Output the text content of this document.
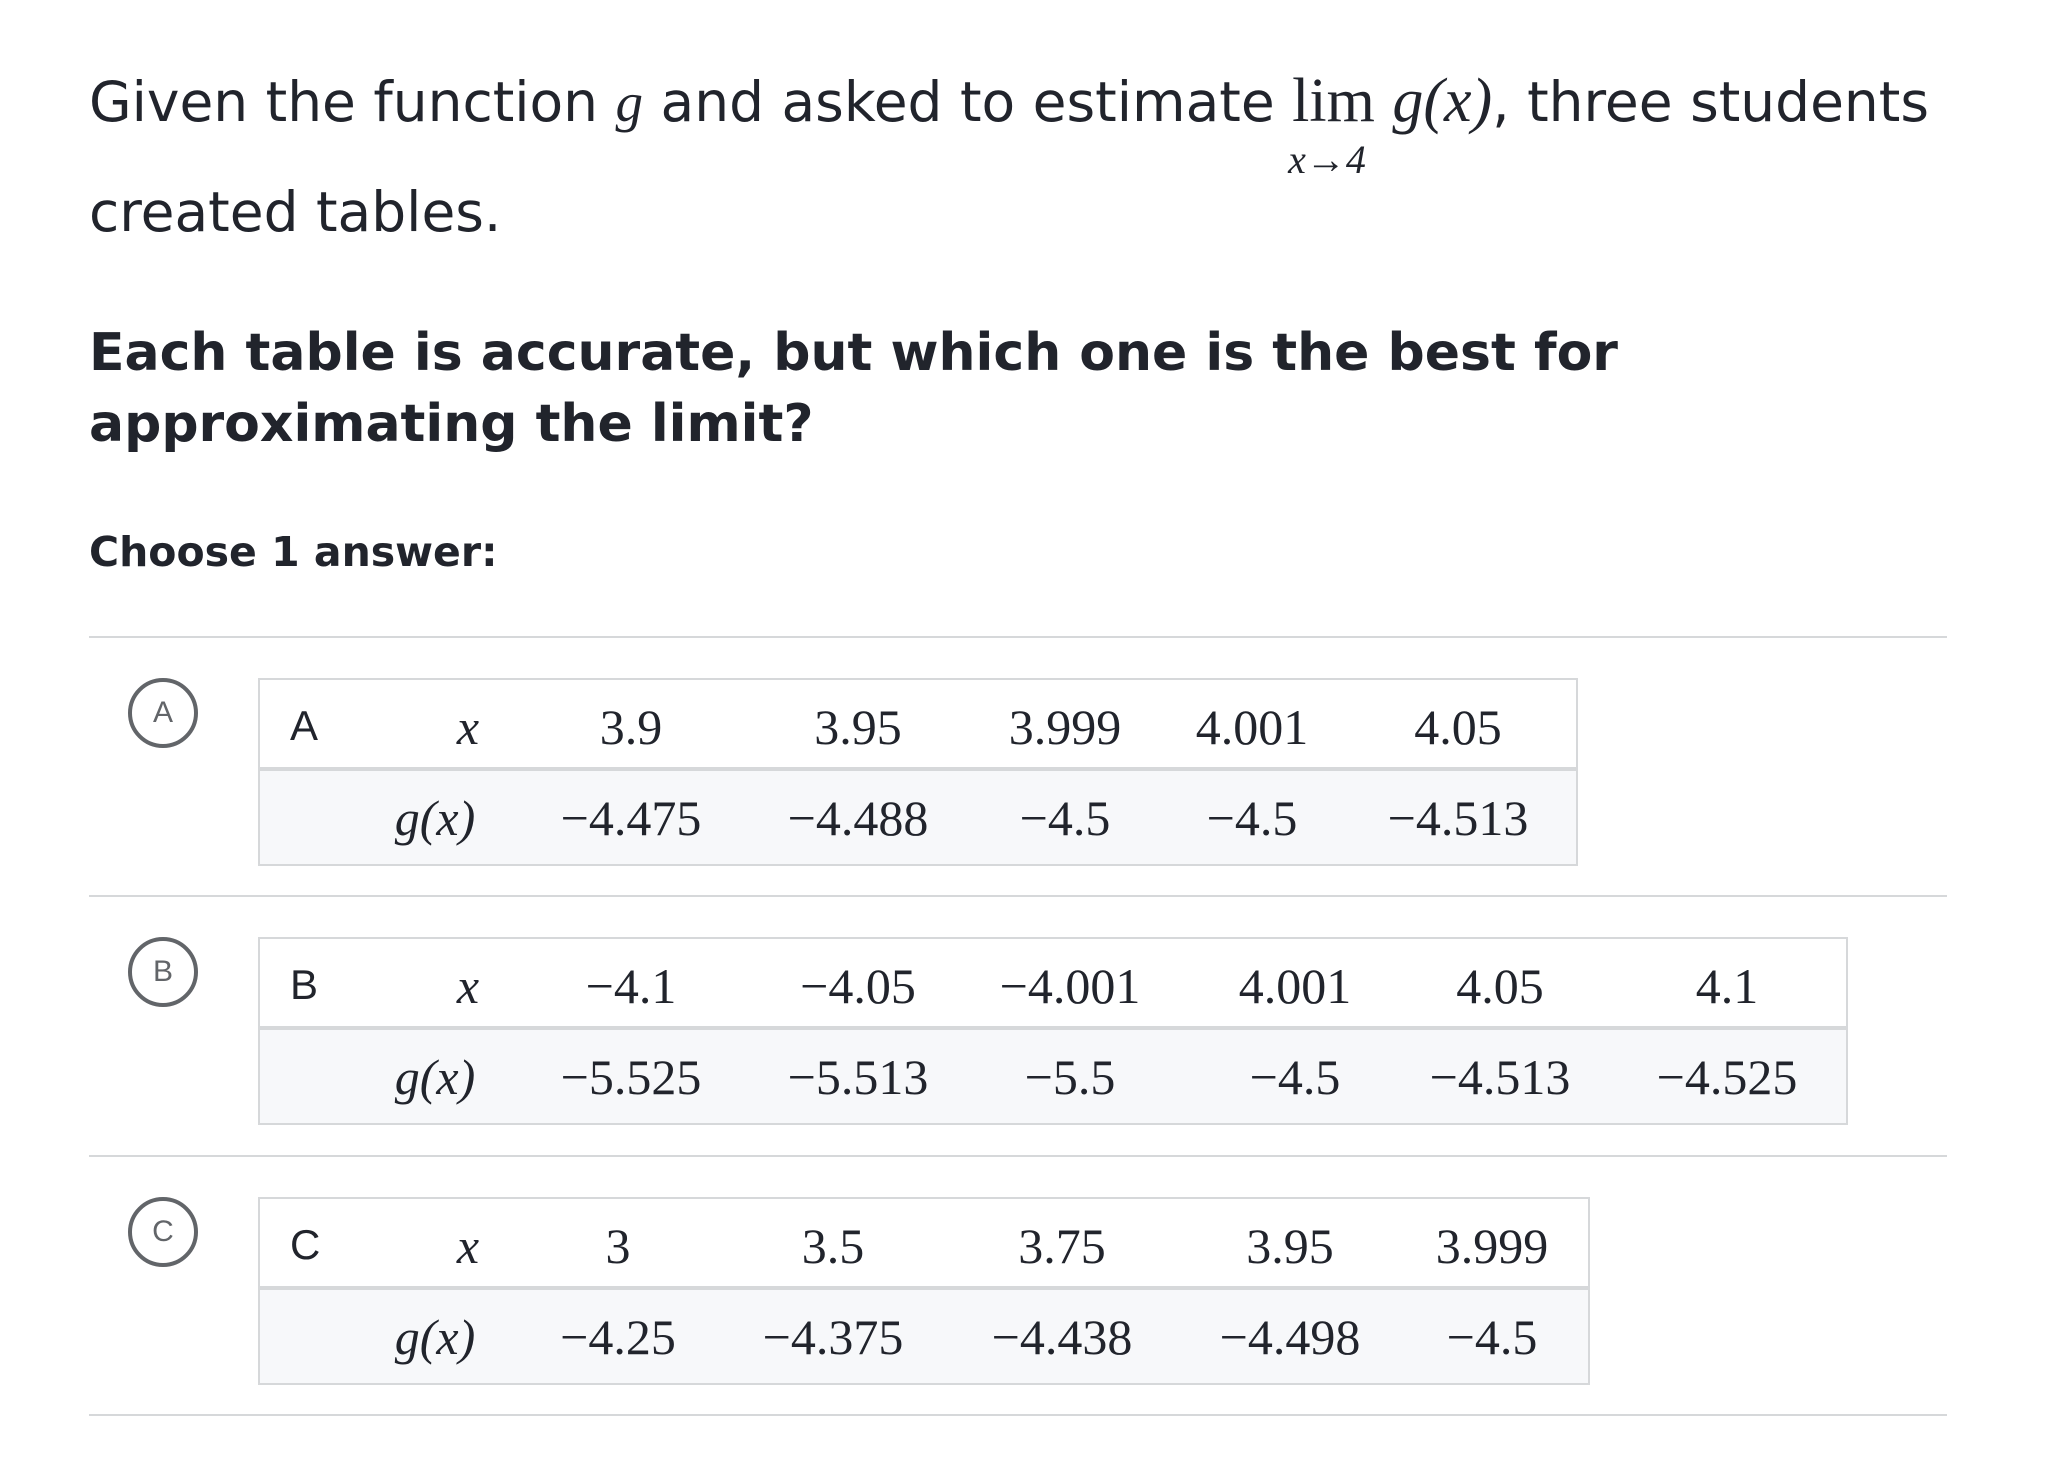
Given the function g and asked to estimate lim
x→4
g(x), three students
created tables.
Each table is accurate, but which one is the best for approximating the limit?
Choose 1 answer:
A	A	x 3.9	3.95 3.999 4.001 4.05
g(x) −4.475 −4.488 −4.5 −4.5 −4.513
B	B	x −4.1 −4.05 −4.001 4.001 4.05	4.1
g(x) −5.525 −5.513 −5.5	−4.5 −4.513 −4.525
C	C	x	3	3.5	3.75	3.95 3.999
g(x) −4.25 −4.375 −4.438 −4.498 −4.5
